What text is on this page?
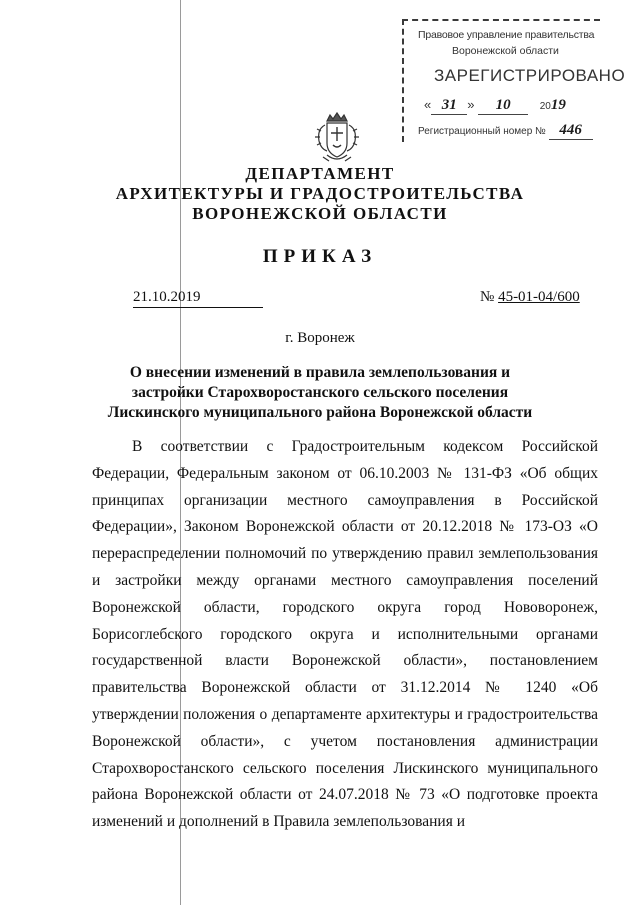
Правовое управление правительства
Воронежской области
ЗАРЕГИСТРИРОВАНО
« 31 » 10	2019
Регистрационный номер № 446
ДЕПАРТАМЕНТ
АРХИТЕКТУРЫ И ГРАДОСТРОИТЕЛЬСТВА
ВОРОНЕЖСКОЙ ОБЛАСТИ
ПРИКАЗ
21.10.2019	№ 45-01-04/600
г. Воронеж
О внесении изменений в правила землепользования и застройки Старохворостанского сельского поселения Лискинского муниципального района Воронежской области

В соответствии с Градостроительным кодексом Российской Федерации, Федеральным законом от 06.10.2003 № 131-ФЗ «Об общих принципах организации местного самоуправления в Российской Федерации», Законом Воронежской области от 20.12.2018 № 173-ОЗ «О перераспределении полномочий по утверждению правил землепользования и застройки между органами местного самоуправления поселений Воронежской области, городского округа город Нововоронеж, Борисоглебского городского округа и исполнительными органами государственной власти Воронежской области», постановлением правительства Воронежской области от 31.12.2014 № 1240 «Об утверждении положения о департаменте архитектуры и градостроительства Воронежской области», с учетом постановления администрации Старохворостанского сельского поселения Лискинского муниципального района Воронежской области от 24.07.2018 № 73 «О подготовке проекта изменений и дополнений в Правила землепользования и
